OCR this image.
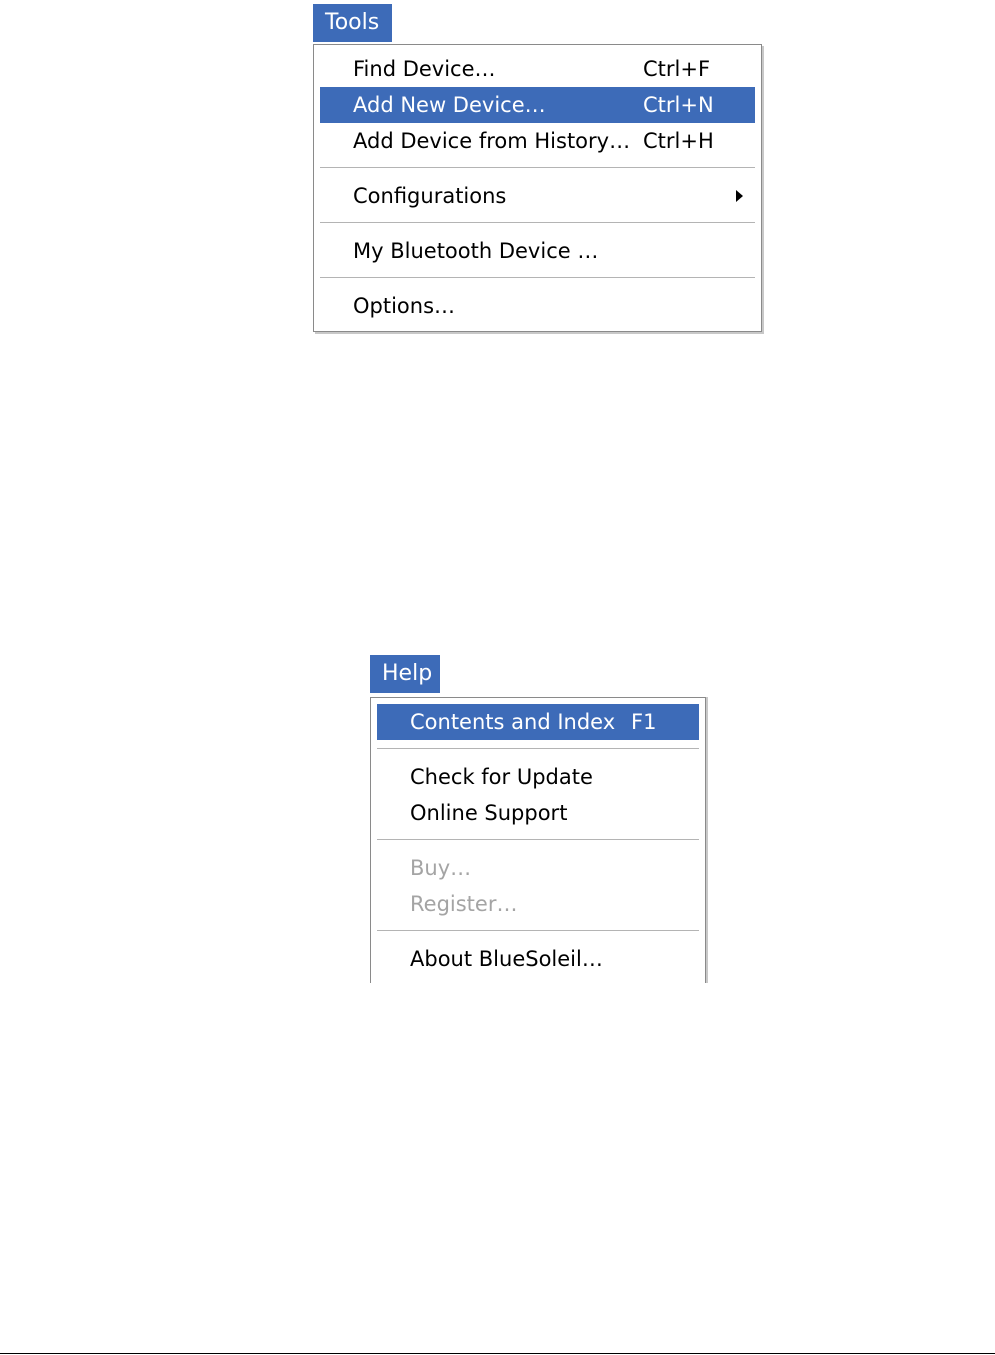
Tools
Find Device…	Ctrl+F
Add New Device…	Ctrl+N
Add Device from History… Ctrl+H
Configurations
My Bluetooth Device …
Options…
Help
Contents and Index F1
Check for Update
Online Support
Buy…
Register…
About BlueSoleil…
